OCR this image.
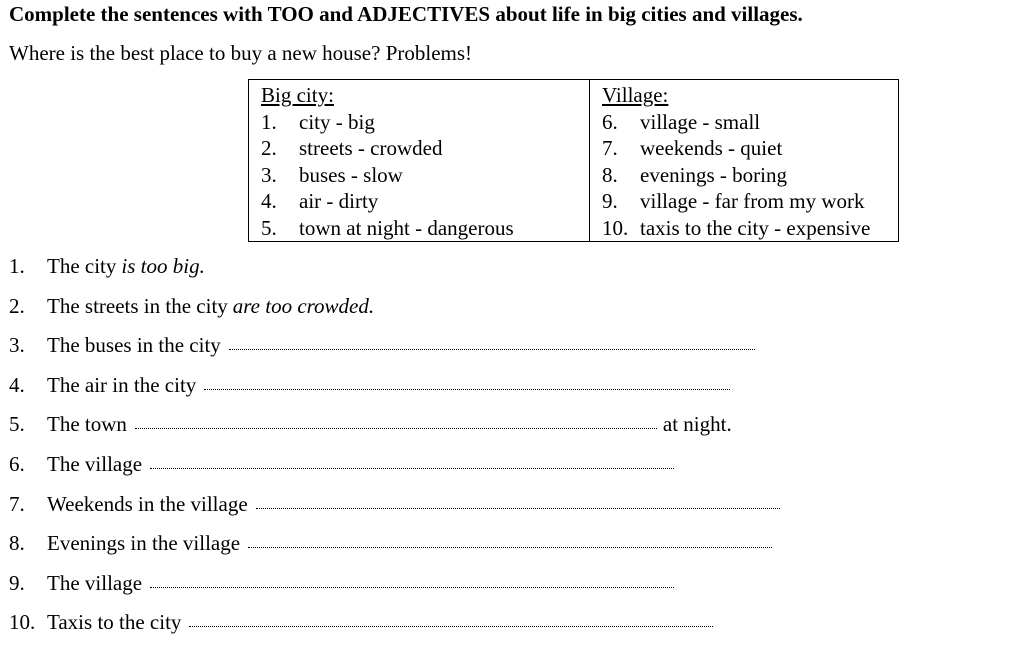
Complete the sentences with TOO and ADJECTIVES about life in big cities and villages.
Where is the best place to buy a new house? Problems!
Big city:
1.	city - big
2.	streets - crowded
3.	buses - slow
4.	air - dirty
5.	town at night - dangerous

Village:
6.	village - small
7.	weekends - quiet
8.	evenings - boring
9.	village - far from my work
10. taxis to the city - expensive
1.	The city is too big.
2.	The streets in the city are too crowded.
3.	The buses in the city
4.	The air in the city
5.	The town	at night.
6.	The village
7.	Weekends in the village
8.	Evenings in the village
9.	The village
10. Taxis to the city
